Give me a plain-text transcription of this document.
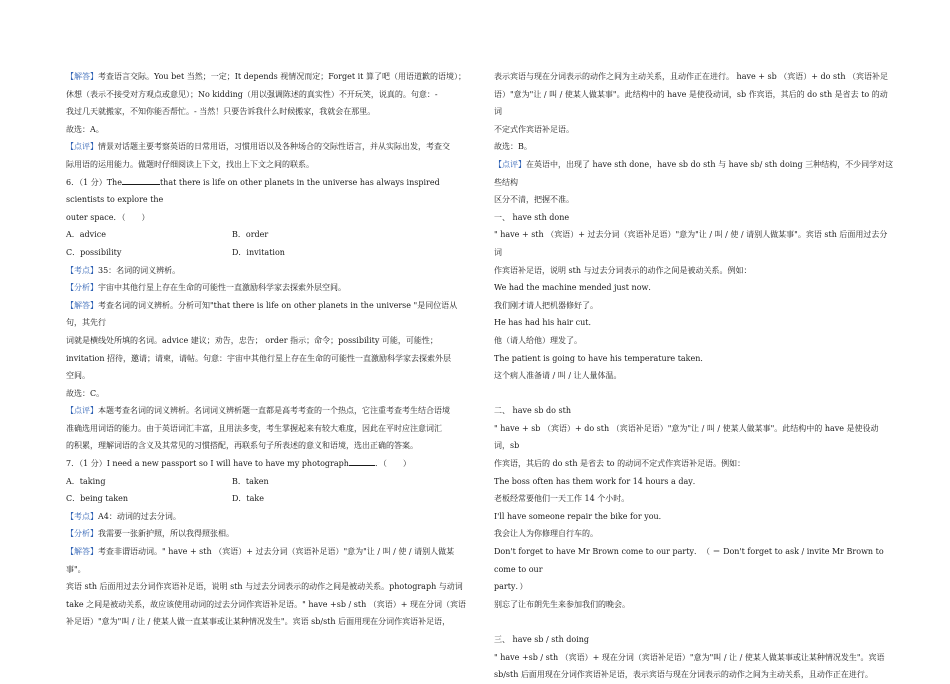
【解答】考查语言交际。You bet 当然；一定；It depends 视情况而定；Forget it 算了吧（用语道歉的语境）；

休想（表示不接受对方观点或意见）；No kidding（用以强调陈述的真实性）不开玩笑，说真的。句意：-

我过几天就搬家，不知你能否帮忙。- 当然！只要告诉我什么时候搬家，我就会在那里。

故选：A。

【点评】情景对话题主要考察英语的日常用语，习惯用语以及各种场合的交际性语言，并从实际出发，考查交

际用语的运用能力。做题时仔细阅读上下文，找出上下文之间的联系。

6．（1 分）The	that there is life on other planets in the universe has always inspired scientists to explore the

outer space．（　　）

A．advice	B．order
C．possibility	D．invitation

【考点】35：名词的词义辨析。

【分析】宇宙中其他行星上存在生命的可能性一直激励科学家去探索外层空间。

【解答】考查名词的词义辨析。分析可知"that there is life on other planets in the universe "是同位语从句，其先行

词就是横线处所填的名词。advice 建议；劝告，忠告； order 指示；命令；possibility 可能，可能性；

invitation 招待，邀请；请柬，请帖。句意：宇宙中其他行星上存在生命的可能性一直激励科学家去探索外层

空间。

故选：C。

【点评】本题考查名词的词义辨析。名词词义辨析题一直都是高考考查的一个热点，它注重考查考生结合语境

准确选用词语的能力。由于英语词汇丰富，且用法多变，考生掌握起来有较大难度，因此在平时应注意词汇

的积累，理解词语的含义及其常见的习惯搭配，再联系句子所表述的意义和语境，选出正确的答案。

7．（1 分）I need a new passport so I will have to have my photograph	．（　　）

A．taking	B．taken
C．being taken	D．take

【考点】A4：动词的过去分词。

【分析】我需要一张新护照，所以我得照张相。

【解答】考查非谓语动词。" have + sth （宾语）+ 过去分词（宾语补足语）"意为"让 / 叫 / 使 / 请别人做某事"。

宾语 sth 后面用过去分词作宾语补足语，说明 sth 与过去分词表示的动作之间是被动关系。photograph 与动词

take 之间是被动关系，故应该使用动词的过去分词作宾语补足语。" have +sb / sth （宾语）+ 现在分词（宾语

补足语）"意为"叫 / 让 / 使某人做一直某事或让某种情况发生"。宾语 sb/sth 后面用现在分词作宾语补足语，

表示宾语与现在分词表示的动作之间为主动关系，且动作正在进行。 have + sb （宾语）+ do sth （宾语补足

语）"意为"让 / 叫 / 使某人做某事"。此结构中的 have 是使役动词，sb 作宾语，其后的 do sth 是省去 to 的动词

不定式作宾语补足语。

故选：B。

【点评】在英语中，出现了 have sth done，have sb do sth 与 have sb/ sth doing 三种结构，不少同学对这些结构

区分不清，把握不准。

一、 have sth done

" have + sth （宾语）+ 过去分词（宾语补足语）"意为"让 / 叫 / 使 / 请别人做某事"。宾语 sth 后面用过去分词

作宾语补足语，说明 sth 与过去分词表示的动作之间是被动关系。例如：

We had the machine mended just now．

我们刚才请人把机器修好了。

He has had his hair cut．

他（请人给他）理发了。

The patient is going to have his temperature taken．

这个病人准备请 / 叫 / 让人量体温。

二、 have sb do sth

" have + sb （宾语）+ do sth （宾语补足语）"意为"让 / 叫 / 使某人做某事"。此结构中的 have 是使役动词，sb

作宾语，其后的 do sth 是省去 to 的动词不定式作宾语补足语。例如：

The boss often has them work for 14 hours a day．

老板经常要他们一天工作 14 个小时。

I'll have someone repair the bike for you．

我会让人为你修理自行车的。

Don't forget to have Mr Brown come to our party．　（ ＝ Don't forget to ask / invite Mr Brown to come to our

party．）

别忘了让布朗先生来参加我们的晚会。

三、 have sb / sth doing

" have +sb / sth （宾语）+ 现在分词（宾语补足语）"意为"叫 / 让 / 使某人做某事或让某种情况发生"。宾语

sb/sth 后面用现在分词作宾语补足语，表示宾语与现在分词表示的动作之间为主动关系，且动作正在进行。
